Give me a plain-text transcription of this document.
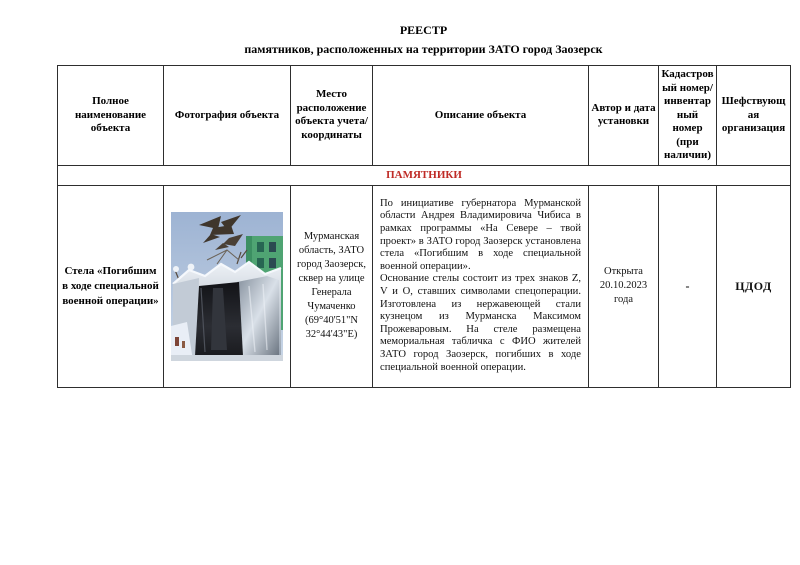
РЕЕСТР
памятников, расположенных на территории ЗАТО город Заозерск
Полное наименование объекта	Фотография объекта	Место расположение объекта учета/ координаты	Описание объекта	Автор и дата установки	Кадастровый номер/ инвентарный номер (при наличии)	Шефствующая организация
ПАМЯТНИКИ						
Стела «Погибшим в ходе специальной военной операции»		Мурманская область, ЗАТО город Заозерск, сквер на улице Генерала Чумаченко (69°40'51"N 32°44'43"E)	По инициативе губернатора Мурманской области Андрея Владимировича Чибиса в рамках программы «На Севере – твой проект» в ЗАТО город Заозерск установлена стела «Погибшим в ходе специальной военной операции».

Основание стелы состоит из трех знаков Z, V и О, ставших символами спецоперации. Изготовлена из нержавеющей стали кузнецом из Мурманска Максимом Прожеваровым. На стеле размещена мемориальная табличка с ФИО жителей ЗАТО город Заозерск, погибших в ходе специальной военной операции.	Открыта 20.10.2023 года	-	ЦДОД
